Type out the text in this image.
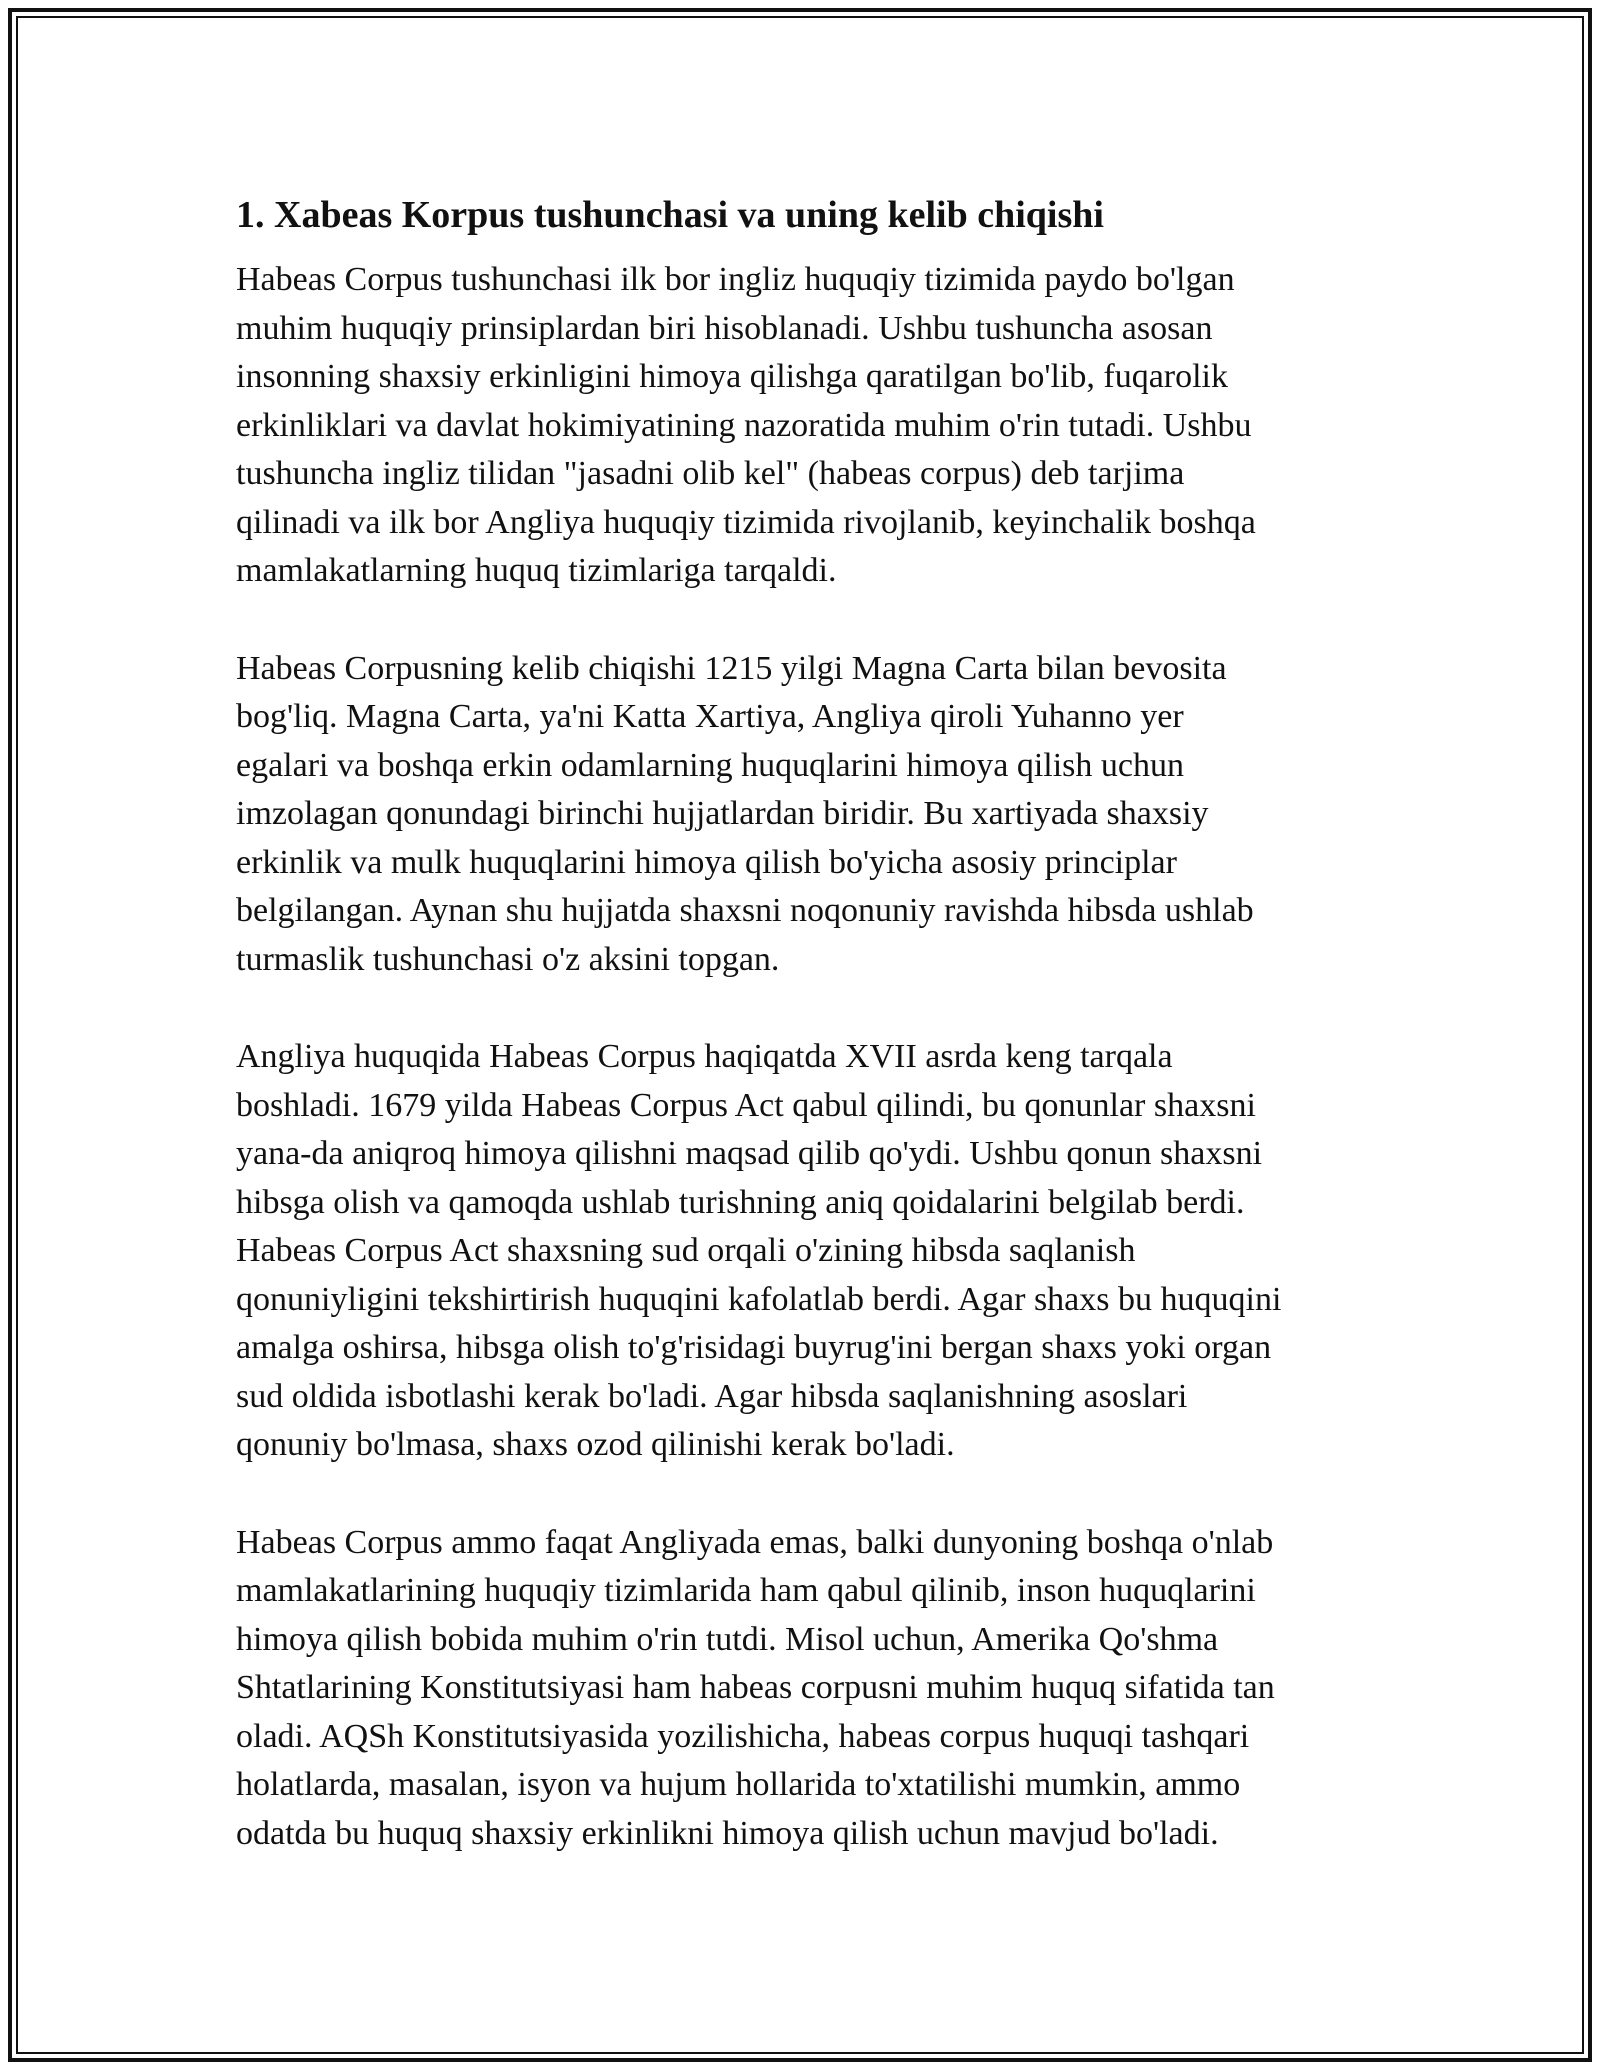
1. Xabeas Korpus tushunchasi va uning kelib chiqishi

Habeas Corpus tushunchasi ilk bor ingliz huquqiy tizimida paydo bo'lgan
muhim huquqiy prinsiplardan biri hisoblanadi. Ushbu tushuncha asosan
insonning shaxsiy erkinligini himoya qilishga qaratilgan bo'lib, fuqarolik
erkinliklari va davlat hokimiyatining nazoratida muhim o'rin tutadi. Ushbu
tushuncha ingliz tilidan "jasadni olib kel" (habeas corpus) deb tarjima
qilinadi va ilk bor Angliya huquqiy tizimida rivojlanib, keyinchalik boshqa
mamlakatlarning huquq tizimlariga tarqaldi.

Habeas Corpusning kelib chiqishi 1215 yilgi Magna Carta bilan bevosita
bog'liq. Magna Carta, ya'ni Katta Xartiya, Angliya qiroli Yuhanno yer
egalari va boshqa erkin odamlarning huquqlarini himoya qilish uchun
imzolagan qonundagi birinchi hujjatlardan biridir. Bu xartiyada shaxsiy
erkinlik va mulk huquqlarini himoya qilish bo'yicha asosiy principlar
belgilangan. Aynan shu hujjatda shaxsni noqonuniy ravishda hibsda ushlab
turmaslik tushunchasi o'z aksini topgan.

Angliya huquqida Habeas Corpus haqiqatda XVII asrda keng tarqala
boshladi. 1679 yilda Habeas Corpus Act qabul qilindi, bu qonunlar shaxsni
yana-da aniqroq himoya qilishni maqsad qilib qo'ydi. Ushbu qonun shaxsni
hibsga olish va qamoqda ushlab turishning aniq qoidalarini belgilab berdi.
Habeas Corpus Act shaxsning sud orqali o'zining hibsda saqlanish
qonuniyligini tekshirtirish huquqini kafolatlab berdi. Agar shaxs bu huquqini
amalga oshirsa, hibsga olish to'g'risidagi buyrug'ini bergan shaxs yoki organ
sud oldida isbotlashi kerak bo'ladi. Agar hibsda saqlanishning asoslari
qonuniy bo'lmasa, shaxs ozod qilinishi kerak bo'ladi.

Habeas Corpus ammo faqat Angliyada emas, balki dunyoning boshqa o'nlab
mamlakatlarining huquqiy tizimlarida ham qabul qilinib, inson huquqlarini
himoya qilish bobida muhim o'rin tutdi. Misol uchun, Amerika Qo'shma
Shtatlarining Konstitutsiyasi ham habeas corpusni muhim huquq sifatida tan
oladi. AQSh Konstitutsiyasida yozilishicha, habeas corpus huquqi tashqari
holatlarda, masalan, isyon va hujum hollarida to'xtatilishi mumkin, ammo
odatda bu huquq shaxsiy erkinlikni himoya qilish uchun mavjud bo'ladi.
